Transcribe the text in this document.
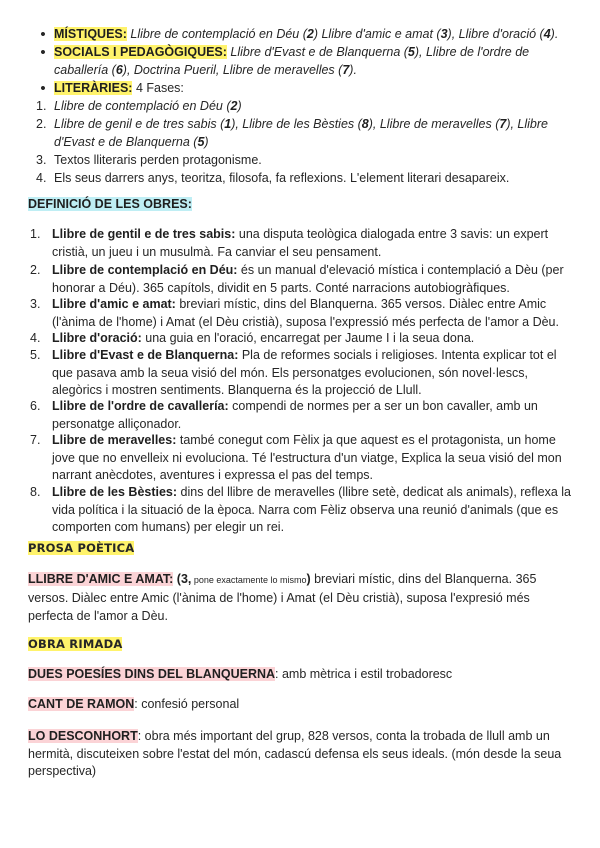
• MÍSTIQUES: Llibre de contemplació en Déu (2) Llibre d'amic e amat (3), Llibre d'oració (4).
• SOCIALS I PEDAGÒGIQUES: Llibre d'Evast e de Blanquerna (5), Llibre de l'ordre de caballería (6), Doctrina Pueril, Llibre de meravelles (7).
• LITERÀRIES: 4 Fases:
1. Llibre de contemplació en Déu (2)
2. Llibre de genil e de tres sabis (1), Llibre de les Bèsties (8), Llibre de meravelles (7), Llibre d'Evast e de Blanquerna (5)
3. Textos lliteraris perden protagonisme.
4. Els seus darrers anys, teoritza, filosofa, fa reflexions. L'element literari desapareix.
DEFINICIÓ DE LES OBRES:
1. Llibre de gentil e de tres sabis: una disputa teològica dialogada entre 3 savis: un expert cristià, un jueu i un musulmà. Fa canviar el seu pensament.
2. Llibre de contemplació en Déu: és un manual d'elevació mística i contemplació a Dèu (per honorar a Déu). 365 capítols, dividit en 5 parts. Conté narracions autobiogràfiques.
3. Llibre d'amic e amat: breviari místic, dins del Blanquerna. 365 versos. Diàlec entre Amic (l'ànima de l'home) i Amat (el Dèu cristià), suposa l'expressió més perfecta de l'amor a Dèu.
4. Llibre d'oració: una guia en l'oració, encarregat per Jaume I i la seua dona.
5. Llibre d'Evast e de Blanquerna: Pla de reformes socials i religioses. Intenta explicar tot el que pasava amb la seua visió del món. Els personatges evolucionen, són novel·lescs, alegòrics i mostren sentiments. Blanquerna és la projecció de Llull.
6. Llibre de l'ordre de cavallería: compendi de normes per a ser un bon cavaller, amb un personatge alliçonador.
7. Llibre de meravelles: també conegut com Fèlix ja que aquest es el protagonista, un home jove que no envelleix ni evoluciona. Té l'estructura d'un viatge, Explica la seua visió del mon narrant anècdotes, aventures i expressa el pas del temps.
8. Llibre de les Bèsties: dins del llibre de meravelles (llibre setè, dedicat als animals), reflexa la vida política i la situació de la època. Narra com Fèliz observa una reunió d'animals (que es comporten com humans) per elegir un rei.
PROSA POÈTICA
LLIBRE D'AMIC E AMAT: (3, pone exactamente lo mismo) breviari místic, dins del Blanquerna. 365 versos. Diàlec entre Amic (l'ànima de l'home) i Amat (el Dèu cristià), suposa l'expresió més perfecta de l'amor a Dèu.
OBRA RIMADA
DUES POESÍES DINS DEL BLANQUERNA: amb mètrica i estil trobadoresc
CANT DE RAMON: confesió personal
LO DESCONHORT: obra més important del grup, 828 versos, conta la trobada de llull amb un hermità, discuteixen sobre l'estat del món, cadascú defensa els seus ideals. (món desde la seua perspectiva)
